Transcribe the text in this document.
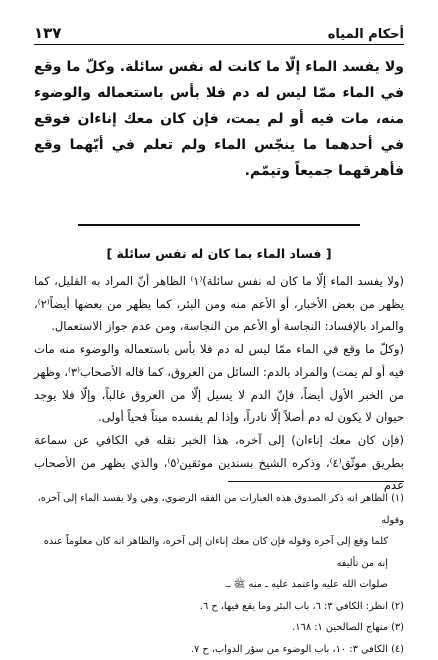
أحكام المياه
١٣٧

ولا يفسد الماء إلّا ما كانت له نفس سائلة. وكلّ ما وقع في الماء ممّا ليس له دم فلا بأس باستعماله والوضوء منه، مات فيه أو لم يمت، فإن كان معك إناءان فوقع في أحدهما ما ينجّس الماء ولم تعلم في أيّهما وقع فأهرقهما جميعاً وتيمّم.

[ فساد الماء بما كان له نفس سائلة ]

(ولا يفسد الماء إلّا ما كان له نفس سائلة)⁽١⁾ الظاهر أنّ المراد به القليل، كما يظهر من بعض الأخبار، أو الأعم منه ومن البئر، كما يظهر من بعضها أيضاً⁽٢⁾، والمراد بالإفساد: النجاسة أو الأعم من النجاسة، ومن عدم جواز الاستعمال.

(وكلّ ما وقع في الماء ممّا ليس له دم فلا بأس باستعماله والوضوء منه مات فيه أو لم يمت) والمراد بالدم: السائل من العروق، كما قاله الأصحاب⁽٣⁾، وظهر من الخبر الأول أيضاً، فإنّ الدم لا يسيل إلّا من العروق غالباً، وإلّا فلا يوجد حيوان لا يكون له دم أصلاً إلّا نادراً، وإذا لم يفسده ميتاً فحياً أولى.

(فإن كان معك إناءان) إلى آخره، هذا الخبر نقله في الكافي عن سماعة بطريق موثّق⁽٤⁾، وذكره الشيخ بسندين موثقين⁽٥⁾، والذي يظهر من الأصحاب عدم

(١) الظاهر انه ذكر الصدوق هذه العبارات من الفقه الرضوي، وهي ولا يفسد الماء إلى آخره، وقوله

كلما وقع إلى آخره وقوله فإن كان معك إناءان إلى آخره، والظاهر انه كان معلوماً عنده إنه من تأليفه

صلوات الله عليه واعتمد عليه ـ منه ﷺ ـ.

(٢) انظر: الكافي ٣: ٦، باب البئر وما يقع فيها، ح ٦.

(٣) منهاج الصالحين ١: ١٦٨.

(٤) الكافي ٣: ١٠، باب الوضوء من سؤر الدواب، ح ٧.
